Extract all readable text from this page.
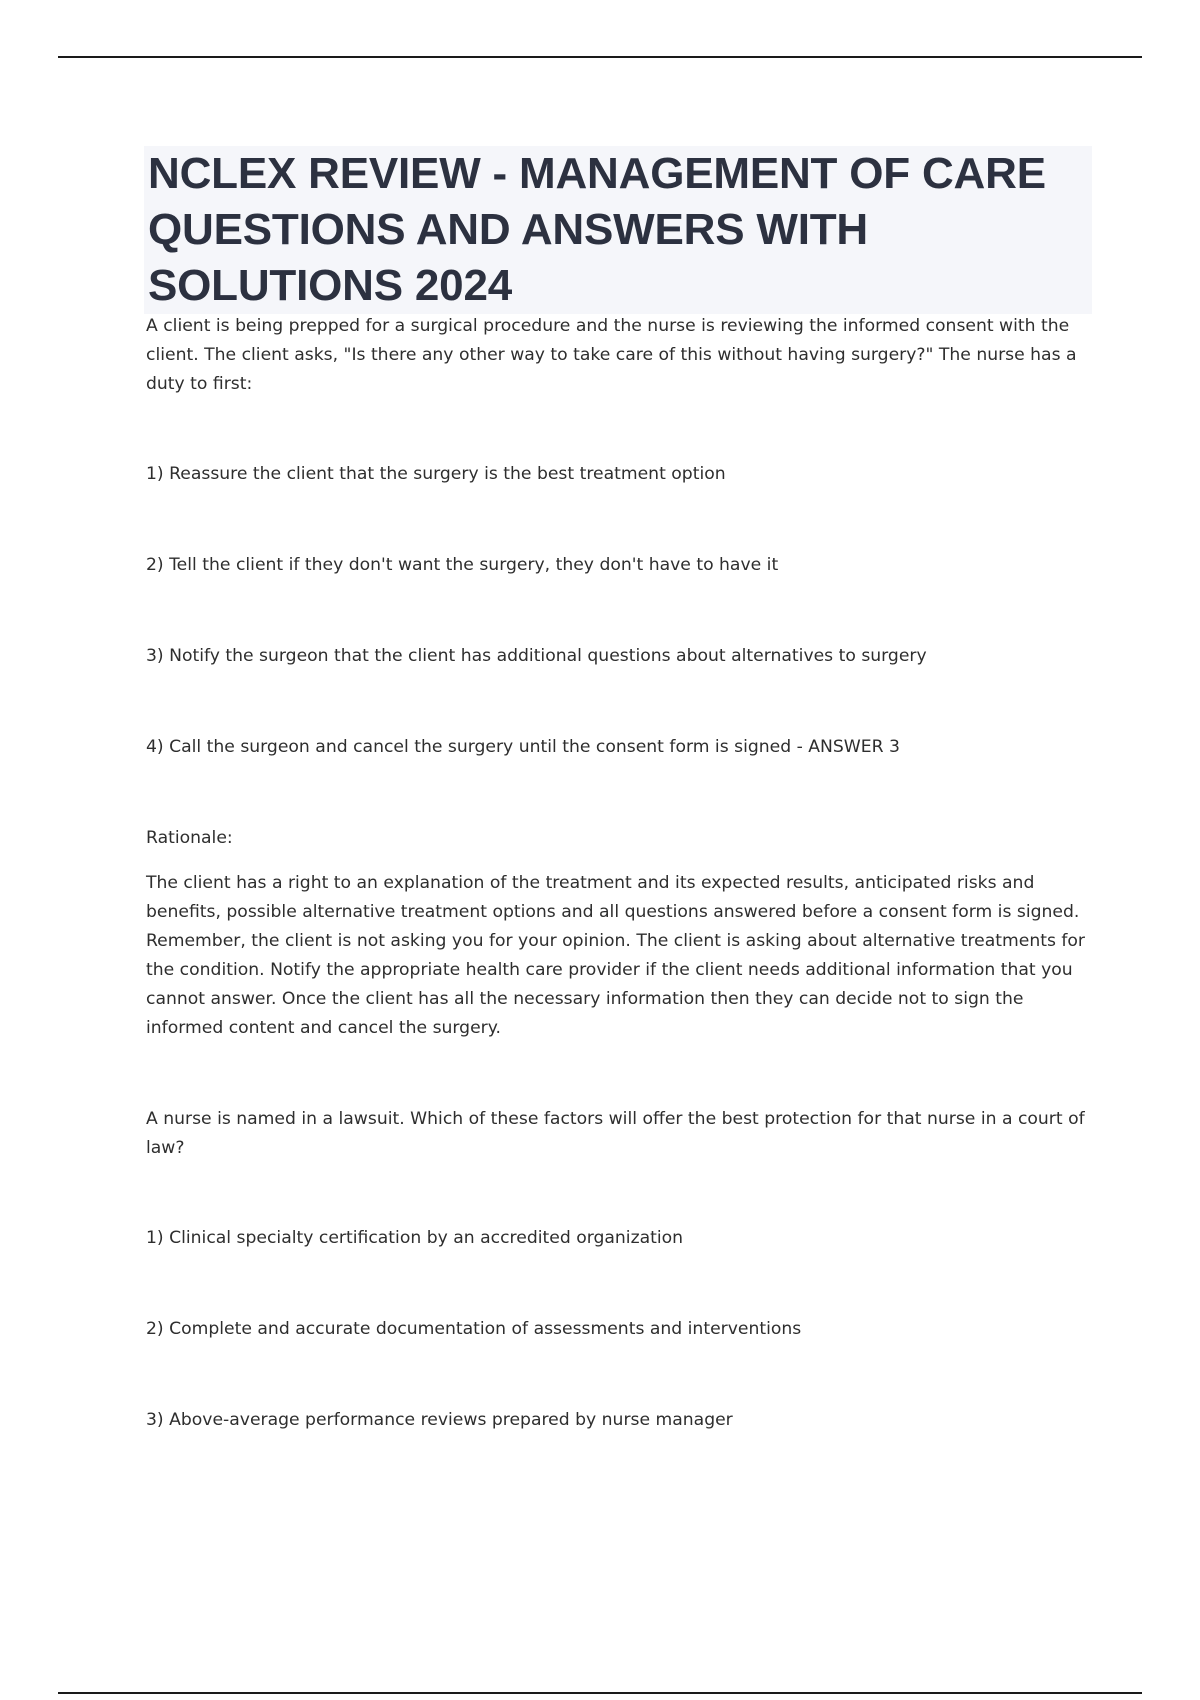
NCLEX REVIEW - MANAGEMENT OF CARE QUESTIONS AND ANSWERS WITH SOLUTIONS 2024

A client is being prepped for a surgical procedure and the nurse is reviewing the informed consent with the client. The client asks, "Is there any other way to take care of this without having surgery?" The nurse has a duty to first:

1) Reassure the client that the surgery is the best treatment option

2) Tell the client if they don't want the surgery, they don't have to have it

3) Notify the surgeon that the client has additional questions about alternatives to surgery

4) Call the surgeon and cancel the surgery until the consent form is signed - ANSWER 3

Rationale:

The client has a right to an explanation of the treatment and its expected results, anticipated risks and benefits, possible alternative treatment options and all questions answered before a consent form is signed. Remember, the client is not asking you for your opinion. The client is asking about alternative treatments for the condition. Notify the appropriate health care provider if the client needs additional information that you cannot answer. Once the client has all the necessary information then they can decide not to sign the informed content and cancel the surgery.

A nurse is named in a lawsuit. Which of these factors will offer the best protection for that nurse in a court of law?

1) Clinical specialty certification by an accredited organization

2) Complete and accurate documentation of assessments and interventions

3) Above-average performance reviews prepared by nurse manager
